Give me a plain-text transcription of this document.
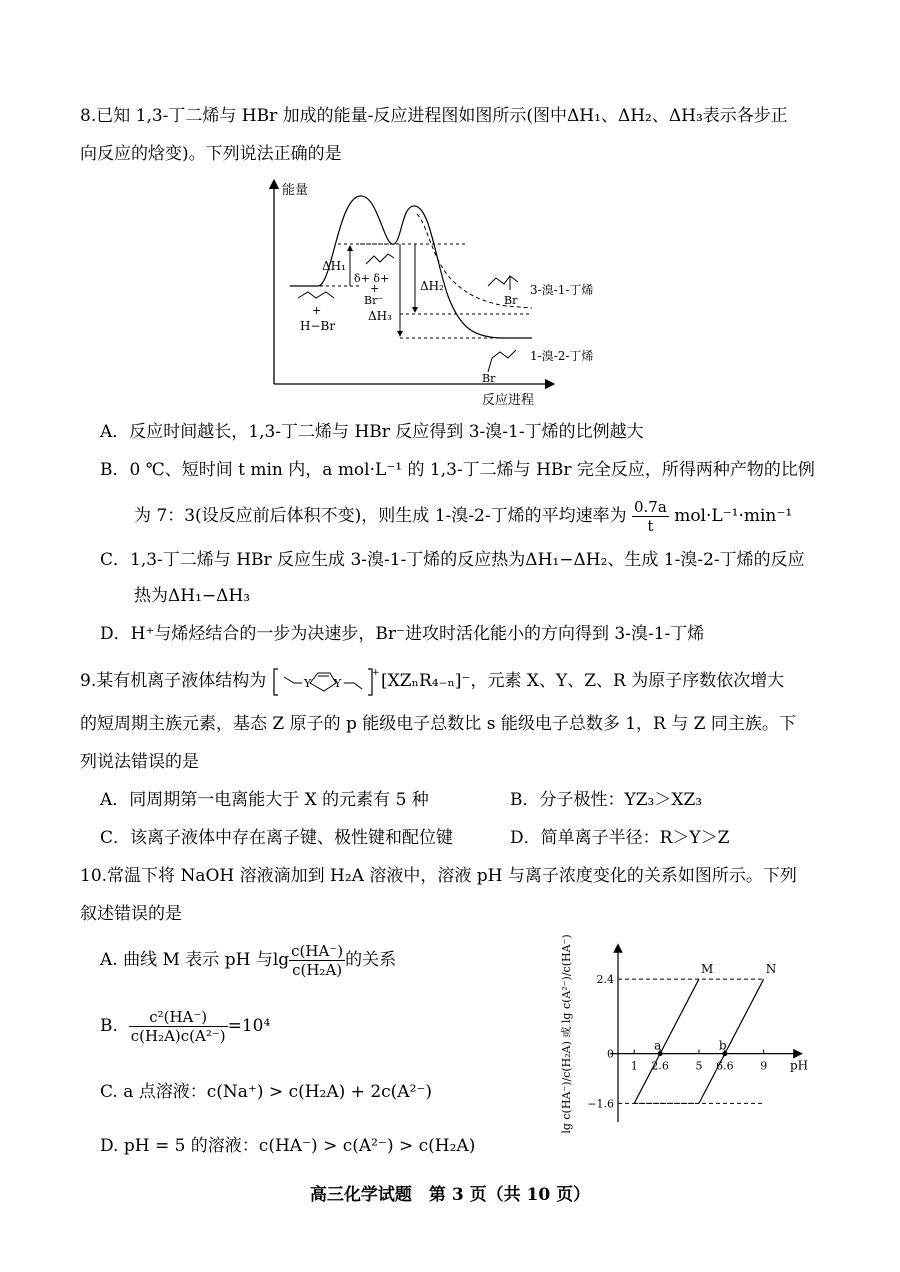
8.已知 1,3-丁二烯与 HBr 加成的能量-反应进程图如图所示(图中ΔH₁、ΔH₂、ΔH₃表示各步正
向反应的焓变)。下列说法正确的是
能量
反应进程
ΔH₁
ΔH₂
ΔH₃
δ+ δ+
+
Br⁻
+
H−Br
Br
3-溴-1-丁烯
Br
1-溴-2-丁烯
A．反应时间越长，1,3-丁二烯与 HBr 反应得到 3-溴-1-丁烯的比例越大
B．0 ℃、短时间 t min 内，a mol·L⁻¹ 的 1,3-丁二烯与 HBr 完全反应，所得两种产物的比例
为 7：3(设反应前后体积不变)，则生成 1-溴-2-丁烯的平均速率为 $\frac{0.7a}{t} mol\cdot L^{-1}\cdot\min^{-1}$
C．1,3-丁二烯与 HBr 反应生成 3-溴-1-丁烯的反应热为ΔH₁−ΔH₂、生成 1-溴-2-丁烯的反应
热为ΔH₁−ΔH₃
D．H⁺与烯烃结合的一步为决速步，Br⁻进攻时活化能小的方向得到 3-溴-1-丁烯
9.某有机离子液体结构为	Y Y
+ [XZₙR₄₋ₙ]⁻，元素 X、Y、Z、R 为原子序数依次增大
的短周期主族元素，基态 Z 原子的 p 能级电子总数比 s 能级电子总数多 1，R 与 Z 同主族。下
列说法错误的是
A．同周期第一电离能大于 X 的元素有 5 种	B．分子极性：YZ₃＞XZ₃
C．该离子液体中存在离子键、极性键和配位键	D．简单离子半径：R＞Y＞Z
10.常温下将 NaOH 溶液滴加到 H₂A 溶液中，溶液 pH 与离子浓度变化的关系如图所示。下列
叙述错误的是
A. 曲线 M 表示 pH 与$\lg \frac{c(HA^-)}{\text{c(H₂A)}}$ 的关系
B. $\frac{\text{c²(HA⁻)}}{\text{c(H₂A)c(A²⁻)}} =10^4$
C. a 点溶液：c(Na⁺) > c(H₂A) + 2c(A²⁻)
D. pH = 5 的溶液：c(HA⁻) > c(A²⁻) > c(H₂A)
lg c(HA⁻)/c(H₂A) 或 lg c(A²⁻)/c(HA⁻)
pH
2.4
0
−1.6
1 2.6 5 6.6 9
M	N
a	b
高三化学试题　第 3 页（共 10 页）
